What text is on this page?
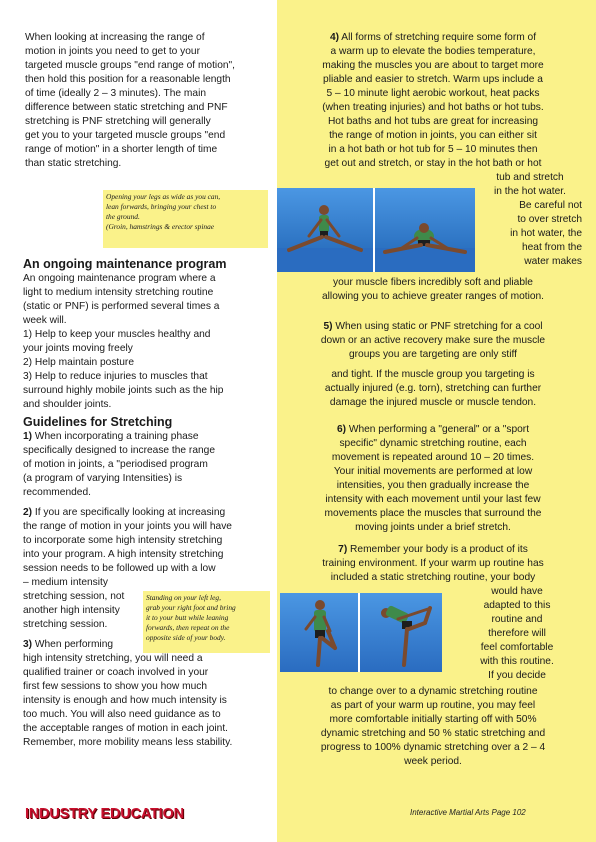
When looking at increasing the range of

motion in joints you need to get to your

targeted muscle groups "end range of motion",

then hold this position for a reasonable length

of time (ideally 2 – 3 minutes). The main

difference between static stretching and PNF

stretching is PNF stretching will generally

get you to your targeted muscle groups "end

range of motion" in a shorter length of time

than static stretching.

Opening your legs as wide as you can,
lean forwards, bringing your chest to
the ground.
(Groin, hamstrings & erector spinae

An ongoing maintenance program

An ongoing maintenance program where a

light to medium intensity stretching routine

(static or PNF) is performed several times a

week will.

1) Help to keep your muscles healthy and

your joints moving freely

2) Help maintain posture

3) Help to reduce injuries to muscles that

surround highly mobile joints such as the hip

and shoulder joints.

Guidelines for Stretching

1) When incorporating a training phase

specifically designed to increase the range

of motion in joints, a "periodised program

(a program of varying Intensities) is

recommended.

2) If you are specifically looking at increasing

the range of motion in your joints you will have

to incorporate some high intensity stretching

into your program. A high intensity stretching

session needs to be followed up with a low

– medium intensity

stretching session, not

another high intensity

stretching session.

3) When performing

high intensity stretching, you will need a

qualified trainer or coach involved in your

first few sessions to show you how much

intensity is enough and how much intensity is

too much. You will also need guidance as to

the acceptable ranges of motion in each joint.

Remember, more mobility means less stability.

Standing on your left leg,
grab your right foot and bring
it to your butt while leaning
forwards, then repeat on the
opposite side of your body.

4) All forms of stretching require some form of

a warm up to elevate the bodies temperature,

making the muscles you are about to target more

pliable and easier to stretch. Warm ups include a

5 – 10 minute light aerobic workout, heat packs

(when treating injuries) and hot baths or hot tubs.

Hot baths and hot tubs are great for increasing

the range of motion in joints, you can either sit

in a hot bath or hot tub for 5 – 10 minutes then

get out and stretch, or stay in the hot bath or hot

tub and stretch

in the hot water.

Be careful not

to over stretch

in hot water, the

heat from the

water makes

your muscle fibers incredibly soft and pliable

allowing you to achieve greater ranges of motion.

5) When using static or PNF stretching for a cool

down or an active recovery make sure the muscle

groups you are targeting are only stiff

and tight. If the muscle group you targeting is

actually injured (e.g. torn), stretching can further

damage the injured muscle or muscle tendon.

6) When performing a "general" or a "sport

specific" dynamic stretching routine, each

movement is repeated around 10 – 20 times.

Your initial movements are performed at low

intensities, you then gradually increase the

intensity with each movement until your last few

movements place the muscles that surround the

moving joints under a brief stretch.

7) Remember your body is a product of its

training environment. If your warm up routine has

included a static stretching routine, your body

would have

adapted to this

routine and

therefore will

feel comfortable

with this routine.

If you decide

to change over to a dynamic stretching routine

as part of your warm up routine, you may feel

more comfortable initially starting off with 50%

dynamic stretching and 50 % static stretching and

progress to 100% dynamic stretching over a 2 – 4

week period.

INDUSTRY EDUCATION	Interactive Martial Arts Page 102
